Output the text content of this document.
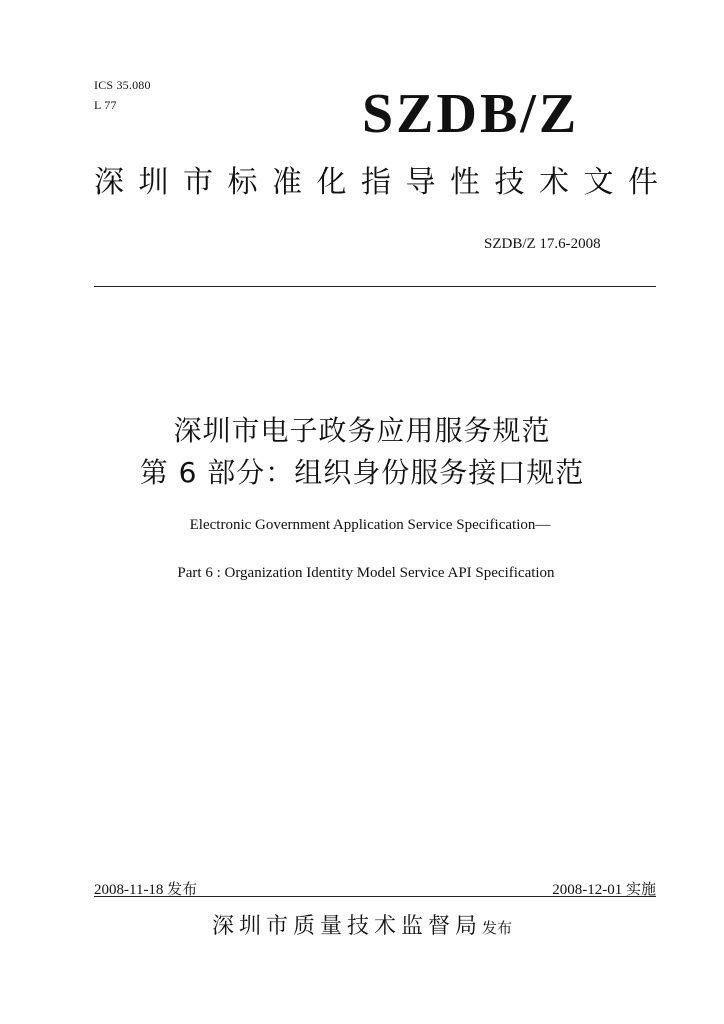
ICS 35.080
L 77	SZDB/Z
深 圳 市 标 准 化 指 导 性 技 术 文 件
SZDB/Z 17.6-2008
深圳市电子政务应用服务规范
第 6 部分：组织身份服务接口规范
Electronic Government Application Service Specification—
Part 6 : Organization Identity Model Service API Specification
2008-11-18 发布	2008-12-01 实施
深圳市质量技术监督局发布
